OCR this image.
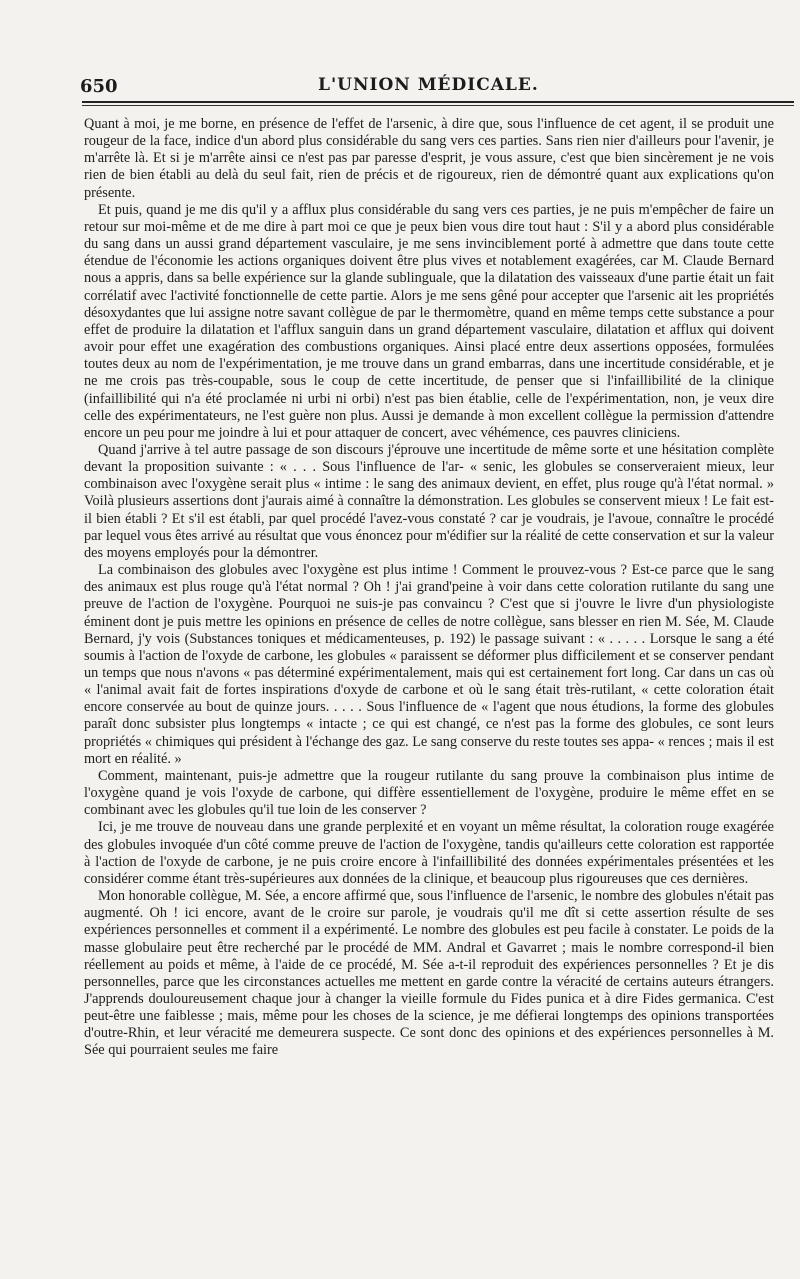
650	L'UNION MÉDICALE.

Quant à moi, je me borne, en présence de l'effet de l'arsenic, à dire que, sous l'influence de cet agent, il se produit une rougeur de la face, indice d'un abord plus considérable du sang vers ces parties. Sans rien nier d'ailleurs pour l'avenir, je m'arrête là. Et si je m'arrête ainsi ce n'est pas par paresse d'esprit, je vous assure, c'est que bien sincèrement je ne vois rien de bien établi au delà du seul fait, rien de précis et de rigoureux, rien de démontré quant aux explications qu'on présente.

Et puis, quand je me dis qu'il y a afflux plus considérable du sang vers ces parties, je ne puis m'empêcher de faire un retour sur moi-même et de me dire à part moi ce que je peux bien vous dire tout haut : S'il y a abord plus considérable du sang dans un aussi grand département vasculaire, je me sens invinciblement porté à admettre que dans toute cette étendue de l'économie les actions organiques doivent être plus vives et notablement exagérées, car M. Claude Bernard nous a appris, dans sa belle expérience sur la glande sublinguale, que la dilatation des vaisseaux d'une partie était un fait corrélatif avec l'activité fonctionnelle de cette partie. Alors je me sens gêné pour accepter que l'arsenic ait les propriétés désoxydantes que lui assigne notre savant collègue de par le thermomètre, quand en même temps cette substance a pour effet de produire la dilatation et l'afflux sanguin dans un grand département vasculaire, dilatation et afflux qui doivent avoir pour effet une exagération des combustions organiques. Ainsi placé entre deux assertions opposées, formulées toutes deux au nom de l'expérimentation, je me trouve dans un grand embarras, dans une incertitude considérable, et je ne me crois pas très-coupable, sous le coup de cette incertitude, de penser que si l'infaillibilité de la clinique (infaillibilité qui n'a été proclamée ni urbi ni orbi) n'est pas bien établie, celle de l'expérimentation, non, je veux dire celle des expérimentateurs, ne l'est guère non plus. Aussi je demande à mon excellent collègue la permission d'attendre encore un peu pour me joindre à lui et pour attaquer de concert, avec véhémence, ces pauvres cliniciens.

Quand j'arrive à tel autre passage de son discours j'éprouve une incertitude de même sorte et une hésitation complète devant la proposition suivante : « . . . Sous l'influence de l'ar- « senic, les globules se conserveraient mieux, leur combinaison avec l'oxygène serait plus « intime : le sang des animaux devient, en effet, plus rouge qu'à l'état normal. » Voilà plusieurs assertions dont j'aurais aimé à connaître la démonstration. Les globules se conservent mieux ! Le fait est-il bien établi ? Et s'il est établi, par quel procédé l'avez-vous constaté ? car je voudrais, je l'avoue, connaître le procédé par lequel vous êtes arrivé au résultat que vous énoncez pour m'édifier sur la réalité de cette conservation et sur la valeur des moyens employés pour la démontrer.

La combinaison des globules avec l'oxygène est plus intime ! Comment le prouvez-vous ? Est-ce parce que le sang des animaux est plus rouge qu'à l'état normal ? Oh ! j'ai grand'peine à voir dans cette coloration rutilante du sang une preuve de l'action de l'oxygène. Pourquoi ne suis-je pas convaincu ? C'est que si j'ouvre le livre d'un physiologiste éminent dont je puis mettre les opinions en présence de celles de notre collègue, sans blesser en rien M. Sée, M. Claude Bernard, j'y vois (Substances toniques et médicamenteuses, p. 192) le passage suivant : « . . . . . Lorsque le sang a été soumis à l'action de l'oxyde de carbone, les globules « paraissent se déformer plus difficilement et se conserver pendant un temps que nous n'avons « pas déterminé expérimentalement, mais qui est certainement fort long. Car dans un cas où « l'animal avait fait de fortes inspirations d'oxyde de carbone et où le sang était très-rutilant, « cette coloration était encore conservée au bout de quinze jours. . . . . Sous l'influence de « l'agent que nous étudions, la forme des globules paraît donc subsister plus longtemps « intacte ; ce qui est changé, ce n'est pas la forme des globules, ce sont leurs propriétés « chimiques qui président à l'échange des gaz. Le sang conserve du reste toutes ses appa- « rences ; mais il est mort en réalité. »

Comment, maintenant, puis-je admettre que la rougeur rutilante du sang prouve la combinaison plus intime de l'oxygène quand je vois l'oxyde de carbone, qui diffère essentiellement de l'oxygène, produire le même effet en se combinant avec les globules qu'il tue loin de les conserver ?

Ici, je me trouve de nouveau dans une grande perplexité et en voyant un même résultat, la coloration rouge exagérée des globules invoquée d'un côté comme preuve de l'action de l'oxygène, tandis qu'ailleurs cette coloration est rapportée à l'action de l'oxyde de carbone, je ne puis croire encore à l'infaillibilité des données expérimentales présentées et les considérer comme étant très-supérieures aux données de la clinique, et beaucoup plus rigoureuses que ces dernières.

Mon honorable collègue, M. Sée, a encore affirmé que, sous l'influence de l'arsenic, le nombre des globules n'était pas augmenté. Oh ! ici encore, avant de le croire sur parole, je voudrais qu'il me dît si cette assertion résulte de ses expériences personnelles et comment il a expérimenté. Le nombre des globules est peu facile à constater. Le poids de la masse globulaire peut être recherché par le procédé de MM. Andral et Gavarret ; mais le nombre correspond-il bien réellement au poids et même, à l'aide de ce procédé, M. Sée a-t-il reproduit des expériences personnelles ? Et je dis personnelles, parce que les circonstances actuelles me mettent en garde contre la véracité de certains auteurs étrangers. J'apprends douloureusement chaque jour à changer la vieille formule du Fides punica et à dire Fides germanica. C'est peut-être une faiblesse ; mais, même pour les choses de la science, je me défierai longtemps des opinions transportées d'outre-Rhin, et leur véracité me demeurera suspecte. Ce sont donc des opinions et des expériences personnelles à M. Sée qui pourraient seules me faire
